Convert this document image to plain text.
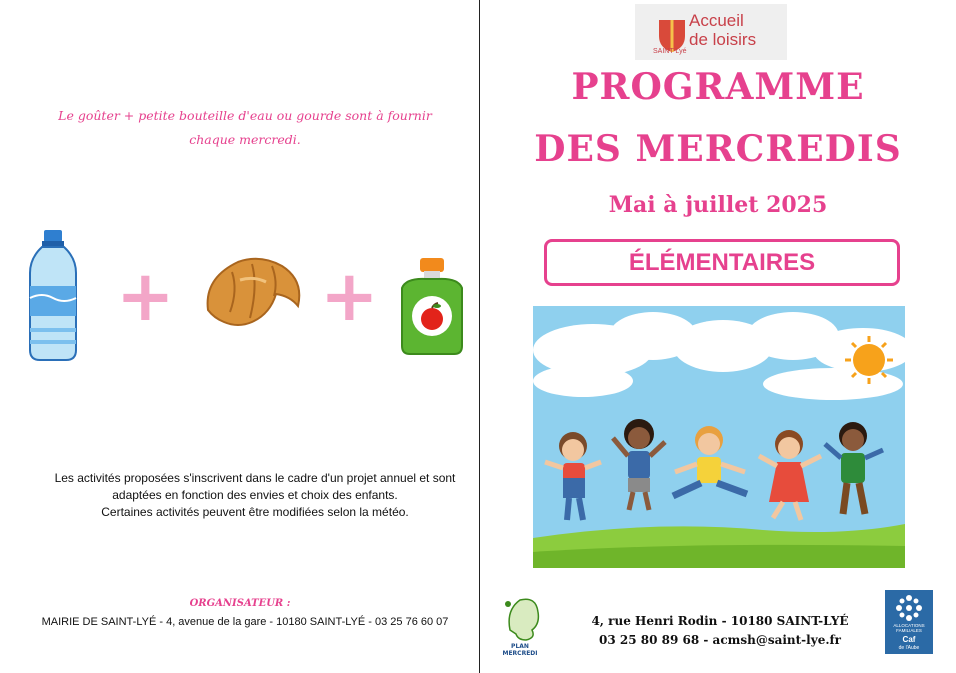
Le goûter + petite bouteille d'eau ou gourde sont à fournir chaque mercredi.
+ +
Les activités proposées s'inscrivent dans le cadre d'un projet annuel et sont
adaptées en fonction des envies et choix des enfants.
Certaines activités peuvent être modifiées selon la météo.
ORGANISATEUR :
MAIRIE DE SAINT-LYÉ - 4, avenue de la gare - 10180 SAINT-LYÉ - 03 25 76 60 07
SAINT Lyé
Accueil
de loisirs
PROGRAMME
DES MERCREDIS
Mai à juillet 2025
ÉLÉMENTAIRES
PLAN
MERCREDI
4, rue Henri Rodin - 10180 SAINT-LYÉ
03 25 80 89 68 - acmsh@saint-lye.fr
ALLOCATIONS FAMILIALES
Caf
de l'Aube
